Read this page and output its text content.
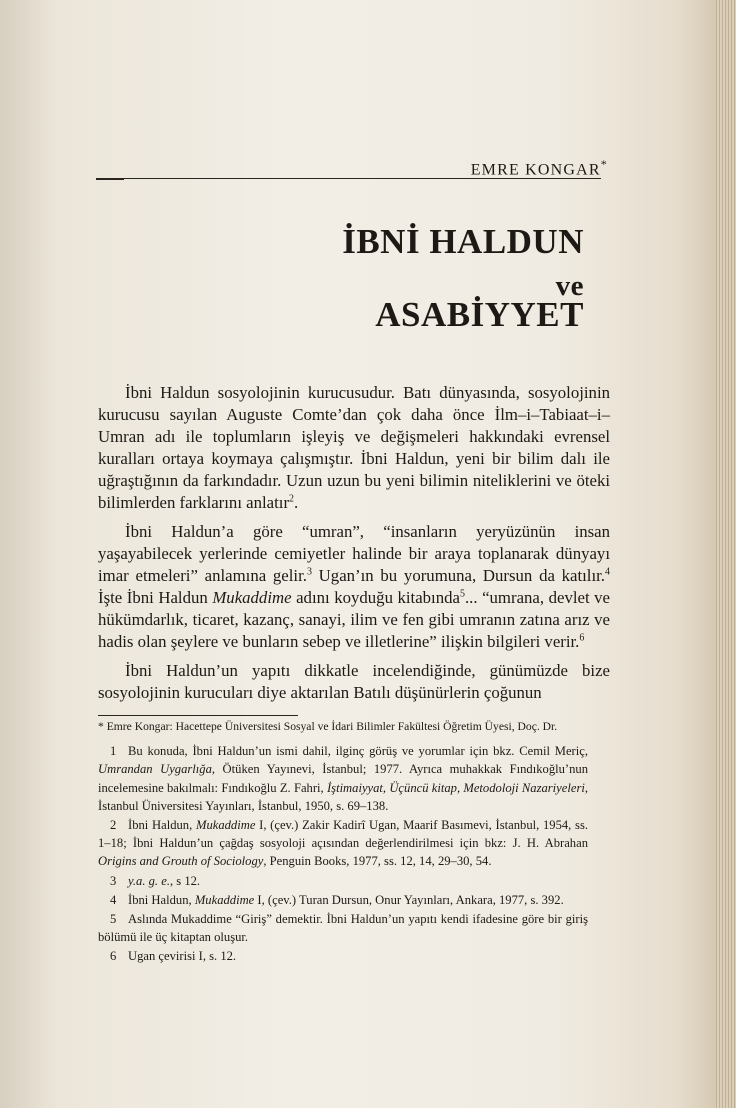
EMRE KONGAR*
İBNİ HALDUN
ve
ASABİYYET

İbni Haldun sosyolojinin kurucusudur. Batı dünyasında, sosyolojinin kurucusu sayılan Auguste Comte’dan çok daha önce İlm–i–Tabiaat–i–Umran adı ile toplumların işleyiş ve değişmeleri hakkındaki evrensel kuralları ortaya koymaya çalışmıştır. İbni Haldun, yeni bir bilim dalı ile uğraştığının da farkındadır. Uzun uzun bu yeni bilimin niteliklerini ve öteki bilimlerden farklarını anlatır$^2$.

İbni Haldun’a göre “umran”, “insanların yeryüzünün insan yaşayabilecek yerlerinde cemiyetler halinde bir araya toplanarak dünyayı imar etmeleri” anlamına gelir.$^3$ Ugan’ın bu yorumuna, Dursun da katılır.$^4$ İşte İbni Haldun Mukaddime adını koyduğu kitabında$^5$... “umrana, devlet ve hükümdarlık, ticaret, kazanç, sanayi, ilim ve fen gibi umranın zatına arız ve hadis olan şeylere ve bunların sebep ve illetlerine” ilişkin bilgileri verir.$^6$

İbni Haldun’un yapıtı dikkatle incelendiğinde, günümüzde bize sosyolojinin kurucuları diye aktarılan Batılı düşünürlerin çoğunun

* Emre Kongar: Hacettepe Üniversitesi Sosyal ve İdari Bilimler Fakültesi Öğretim Üyesi, Doç. Dr.

1 Bu konuda, İbni Haldun’un ismi dahil, ilginç görüş ve yorumlar için bkz. Cemil Meriç, Umrandan Uygarlığa, Ötüken Yayınevi, İstanbul; 1977. Ayrıca muhakkak Fındıkoğlu’nun incelemesine bakılmalı: Fındıkoğlu Z. Fahri, İştimaiyyat, Üçüncü kitap, Metodoloji Nazariyeleri, İstanbul Üniversitesi Yayınları, İstanbul, 1950, s. 69–138.

2 İbni Haldun, Mukaddime I, (çev.) Zakir Kadirî Ugan, Maarif Basımevi, İstanbul, 1954, ss. 1–18; İbni Haldun’un çağdaş sosyoloji açısından değerlendirilmesi için bkz: J. H. Abrahan Origins and Grouth of Sociology, Penguin Books, 1977, ss. 12, 14, 29–30, 54.

3 y.a. g. e., s 12.

4 İbni Haldun, Mukaddime I, (çev.) Turan Dursun, Onur Yayınları, Ankara, 1977, s. 392.

5 Aslında Mukaddime “Giriş” demektir. İbni Haldun’un yapıtı kendi ifadesine göre bir giriş bölümü ile üç kitaptan oluşur.

6 Ugan çevirisi I, s. 12.
